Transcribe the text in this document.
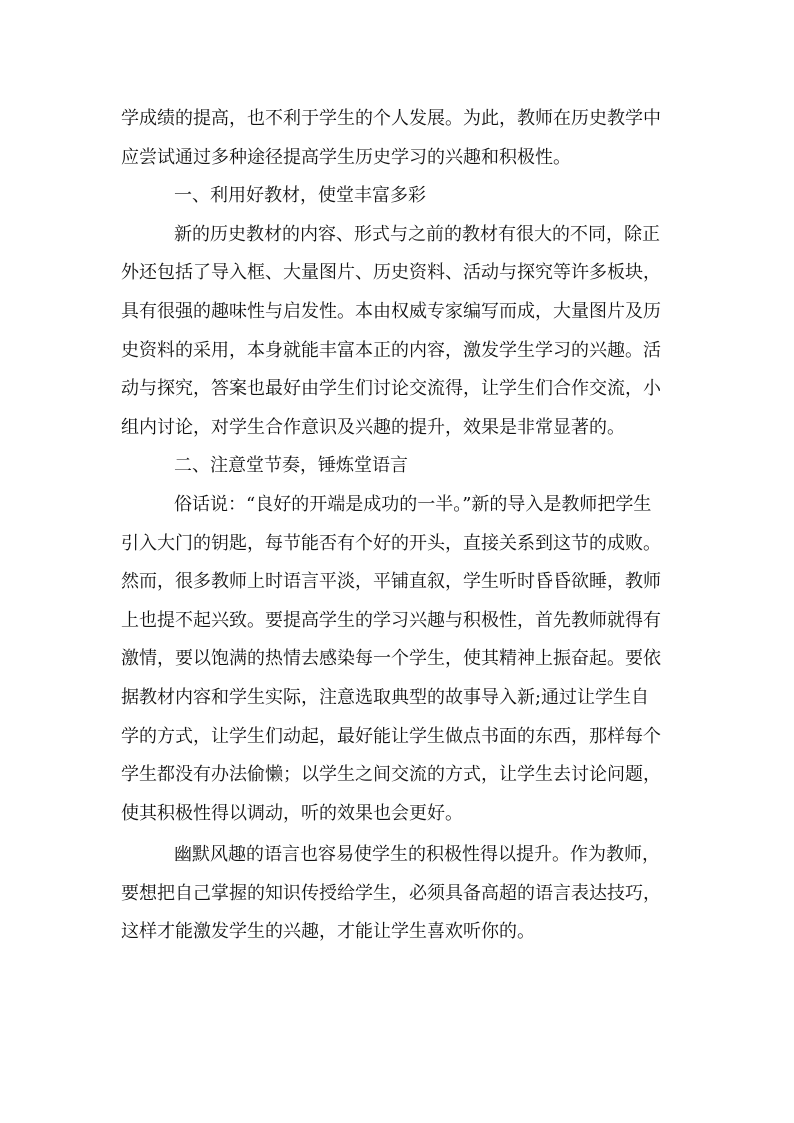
学成绩的提高，也不利于学生的个人发展。为此，教师在历史教学中
应尝试通过多种途径提高学生历史学习的兴趣和积极性。
一、利用好教材，使堂丰富多彩
新的历史教材的内容、形式与之前的教材有很大的不同，除正
外还包括了导入框、大量图片、历史资料、活动与探究等许多板块，
具有很强的趣味性与启发性。本由权威专家编写而成，大量图片及历
史资料的采用，本身就能丰富本正的内容，激发学生学习的兴趣。活
动与探究，答案也最好由学生们讨论交流得，让学生们合作交流，小
组内讨论，对学生合作意识及兴趣的提升，效果是非常显著的。
二、注意堂节奏，锤炼堂语言
俗话说：“良好的开端是成功的一半。”新的导入是教师把学生
引入大门的钥匙，每节能否有个好的开头，直接关系到这节的成败。
然而，很多教师上时语言平淡，平铺直叙，学生听时昏昏欲睡，教师
上也提不起兴致。要提高学生的学习兴趣与积极性，首先教师就得有
激情，要以饱满的热情去感染每一个学生，使其精神上振奋起。要依
据教材内容和学生实际，注意选取典型的故事导入新;通过让学生自
学的方式，让学生们动起，最好能让学生做点书面的东西，那样每个
学生都没有办法偷懒；以学生之间交流的方式，让学生去讨论问题，
使其积极性得以调动，听的效果也会更好。
幽默风趣的语言也容易使学生的积极性得以提升。作为教师，
要想把自己掌握的知识传授给学生，必须具备高超的语言表达技巧，
这样才能激发学生的兴趣，才能让学生喜欢听你的。
